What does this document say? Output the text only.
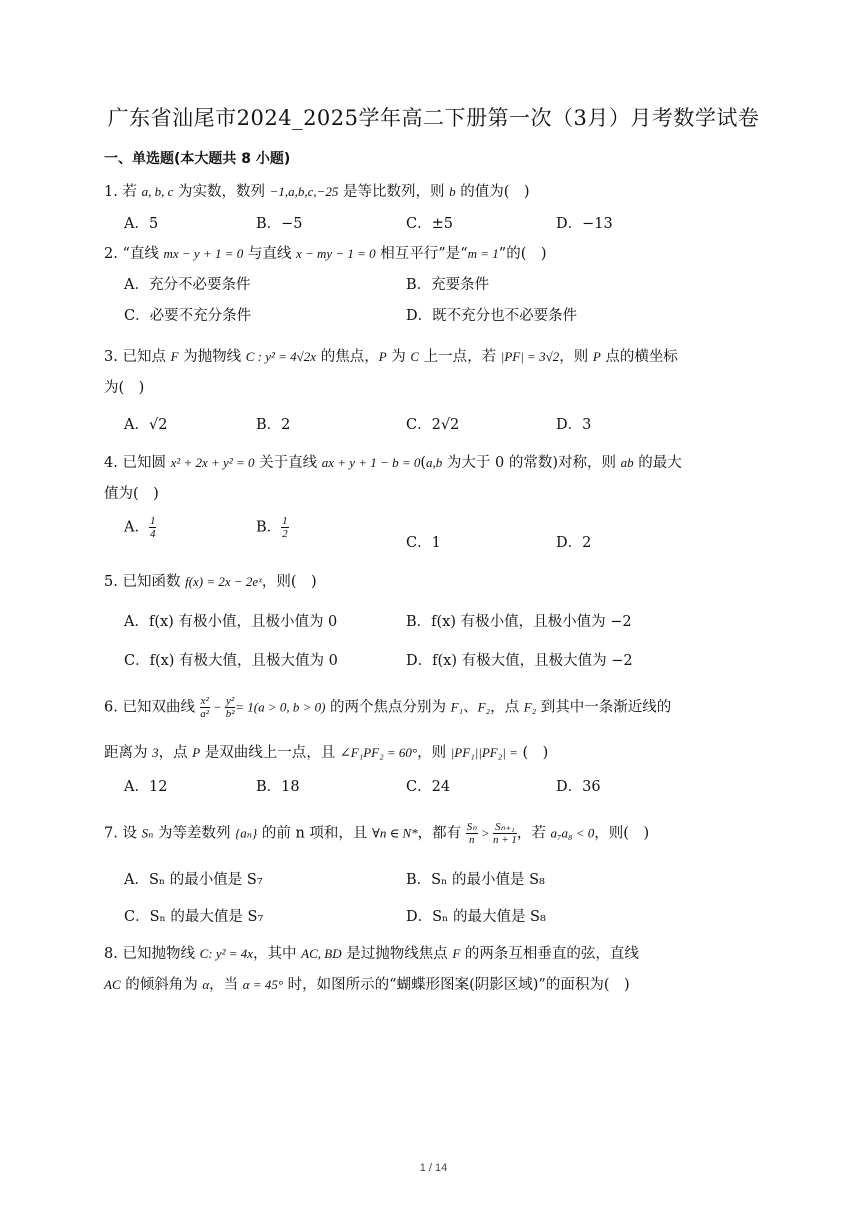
广东省汕尾市2024_2025学年高二下册第一次（3月）月考数学试卷
一、单选题(本大题共 8 小题)
1. 若 a, b, c 为实数，数列 −1,a,b,c,−25 是等比数列，则 b 的值为(　)
A．5	B．−5	C．±5	D．−13
2. “直线 mx − y + 1 = 0 与直线 x − my − 1 = 0 相互平行”是“m = 1”的(　)
A．充分不必要条件	B．充要条件
C．必要不充分条件	D．既不充分也不必要条件
3. 已知点 F 为抛物线 C : y² = 4√2x 的焦点，P 为 C 上一点，若 |PF| = 3√2，则 P 点的横坐标
为(　)
A．√2	B．2	C．2√2	D．3
4. 已知圆 x² + 2x + y² = 0 关于直线 ax + y + 1 − b = 0(a,b 为大于 0 的常数)对称，则 ab 的最大
值为(　)
A． $\frac{1}{4}$	B． $\frac{1}{2}$
C．1	D．2
5. 已知函数 f(x) = 2x − 2eˣ，则(　)
A．f(x) 有极小值，且极小值为 0	B．f(x) 有极小值，且极小值为 −2
C．f(x) 有极大值，且极大值为 0	D．f(x) 有极大值，且极大值为 −2
6. 已知双曲线 $\frac{\text{x²}}{\text{a²}} - \frac{\text{y²}}{\text{b²}} = 1(a > 0$, b > 0) 的两个焦点分别为 F₁、F₂，点 F₂ 到其中一条渐近线的
距离为 3，点 P 是双曲线上一点，且 ∠F₁PF₂ = 60°，则 |PF₁||PF₂| = (　)
A．12	B．18	C．24	D．36
7. 设 Sₙ 为等差数列 {aₙ} 的前 n 项和，且 ∀n ∈ N*，都有 $\frac{\text{Sₙ}}{n} > \frac{\text{Sₙ₊₁}}{n + 1}$ ，若 a₇a₈ < 0，则(　)
A．Sₙ 的最小值是 S₇	B．Sₙ 的最小值是 S₈
C．Sₙ 的最大值是 S₇	D．Sₙ 的最大值是 S₈
8. 已知抛物线 C: y² = 4x，其中 AC, BD 是过抛物线焦点 F 的两条互相垂直的弦，直线
AC 的倾斜角为 α，当 α = 45° 时，如图所示的“蝴蝶形图案(阴影区域)”的面积为(　)
1 / 14
